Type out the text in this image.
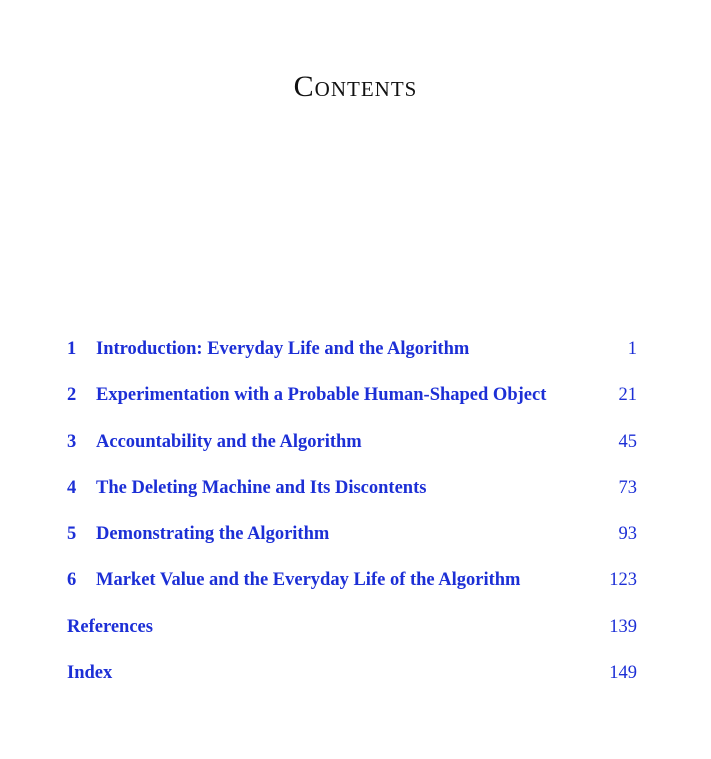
Contents
1	Introduction: Everyday Life and the Algorithm	1
2	Experimentation with a Probable Human-Shaped Object	21
3	Accountability and the Algorithm	45
4	The Deleting Machine and Its Discontents	73
5	Demonstrating the Algorithm	93
6	Market Value and the Everyday Life of the Algorithm	123
References	139
Index	149
